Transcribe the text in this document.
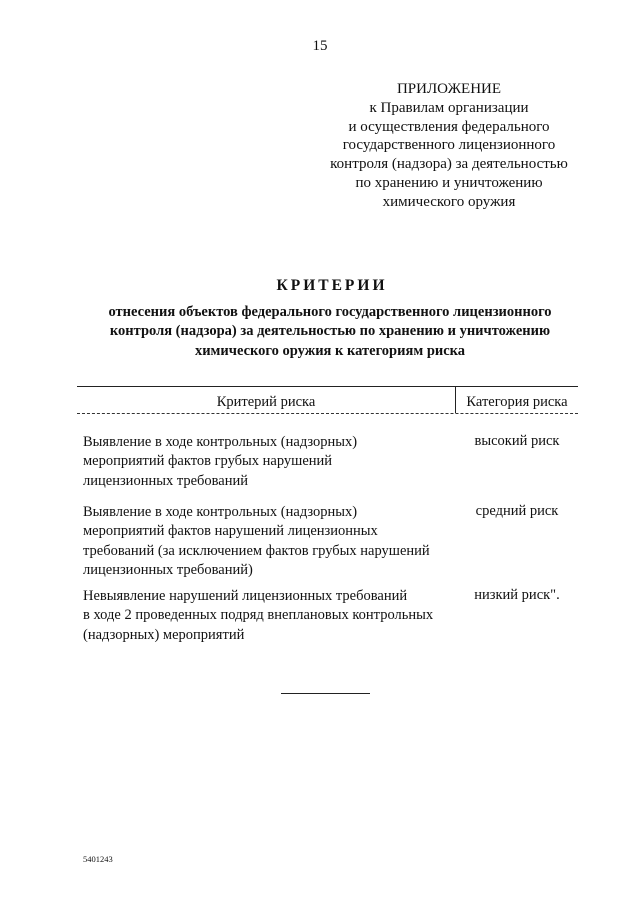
15
ПРИЛОЖЕНИЕ
к Правилам организации
и осуществления федерального
государственного лицензионного
контроля (надзора) за деятельностью
по хранению и уничтожению
химического оружия
КРИТЕРИИ
отнесения объектов федерального государственного лицензионного
контроля (надзора) за деятельностью по хранению и уничтожению
химического оружия к категориям риска
Критерий риска	Категория риска
Выявление в ходе контрольных (надзорных)
мероприятий фактов грубых нарушений
лицензионных требований
высокий риск
Выявление в ходе контрольных (надзорных)
мероприятий фактов нарушений лицензионных
требований (за исключением фактов грубых нарушений
лицензионных требований)
средний риск
Невыявление нарушений лицензионных требований
в ходе 2 проведенных подряд внеплановых контрольных
(надзорных) мероприятий
низкий риск".
5401243
